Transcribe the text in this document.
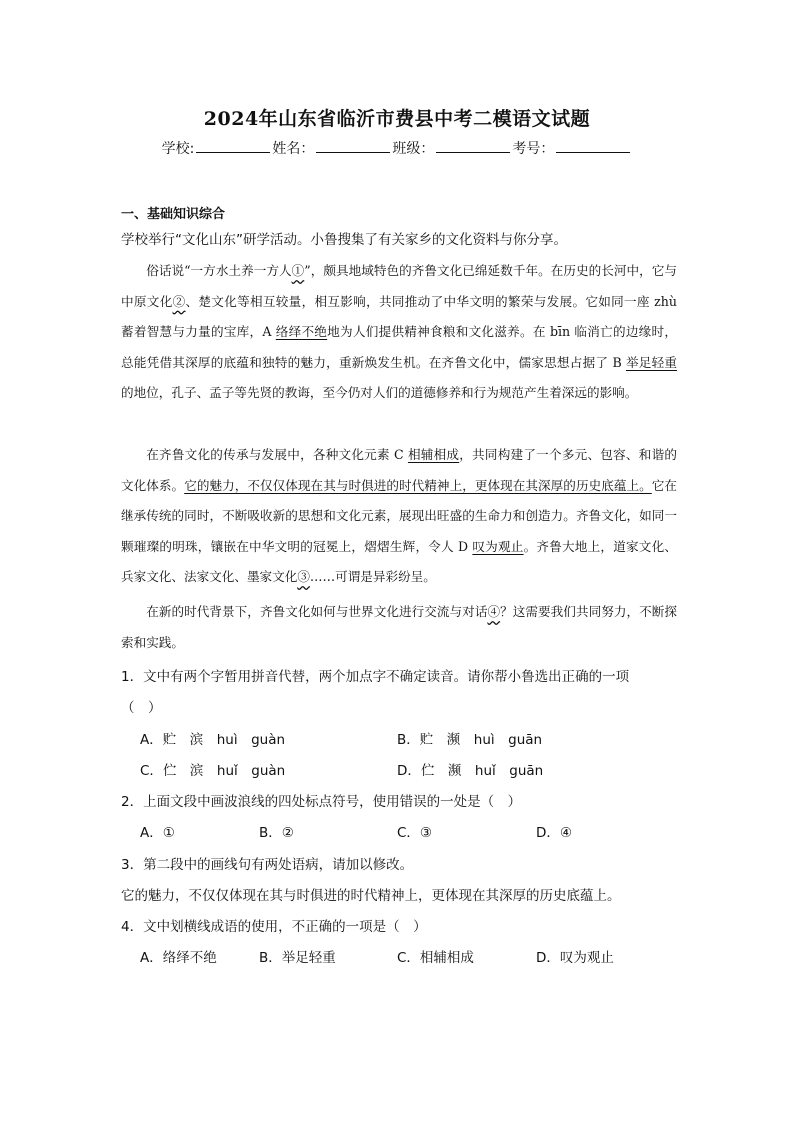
2024年山东省临沂市费县中考二模语文试题
学校:	姓名：	班级：	考号：
一、基础知识综合
学校举行“文化山东”研学活动。小鲁搜集了有关家乡的文化资料与你分享。
俗话说“一方水土养一方人①”，颇具地域特色的齐鲁文化已绵延数千年。在历史的长河中，它与中原文化②、楚文化等相互较量，相互影响，共同推动了中华文明的繁荣与发展。它如同一座 zhù 蓄着智慧与力量的宝库，A 络绎不绝地为人们提供精神食粮和文化滋养。在 bīn 临消亡的边缘时，总能凭借其深厚的底蕴和独特的魅力，重新焕发生机。在齐鲁文化中，儒家思想占据了 B 举足轻重的地位，孔子、孟子等先贤的教诲，至今仍对人们的道德修养和行为规范产生着深远的影响。
在齐鲁文化的传承与发展中，各种文化元素 C 相辅相成，共同构建了一个多元、包容、和谐的文化体系。它的魅力，不仅仅体现在其与时俱进的时代精神上，更体现在其深厚的历史底蕴上。它在继承传统的同时，不断吸收新的思想和文化元素，展现出旺盛的生命力和创造力。齐鲁文化，如同一颗璀璨的明珠，镶嵌在中华文明的冠冕上，熠熠生辉，令人 D 叹为观止。齐鲁大地上，道家文化、兵家文化、法家文化、墨家文化③……可谓是异彩纷呈。
在新的时代背景下，齐鲁文化如何与世界文化进行交流与对话④？这需要我们共同努力，不断探索和实践。
1．文中有两个字暂用拼音代替，两个加点字不确定读音。请你帮小鲁选出正确的一项
（　）
A．贮　滨　huì　guàn	B．贮　濒　huì　guān
C．伫　滨　huǐ　guàn	D．伫　濒　huǐ　guān
2．上面文段中画波浪线的四处标点符号，使用错误的一处是（　）
A．①	B．②	C．③	D．④
3．第二段中的画线句有两处语病，请加以修改。
它的魅力，不仅仅体现在其与时俱进的时代精神上，更体现在其深厚的历史底蕴上。
4．文中划横线成语的使用，不正确的一项是（　）
A．络绎不绝	B．举足轻重	C．相辅相成	D．叹为观止
